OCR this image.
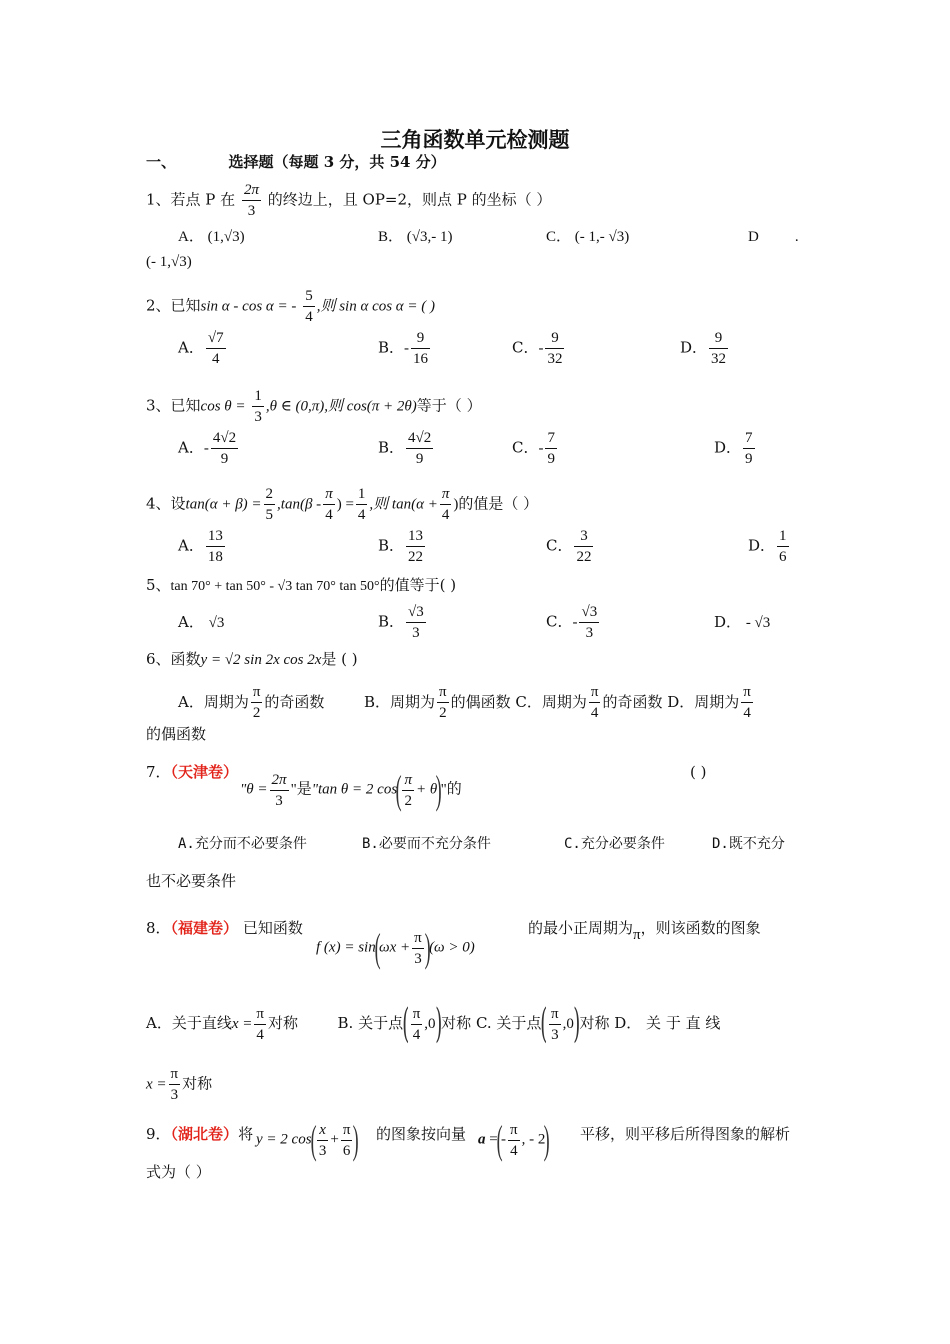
三角函数单元检测题
一、	选择题（每题 3 分，共 54 分）
1、若点 P 在 $\frac{2\pi}{3}$ 的终边上，且 OP=2，则点 P 的坐标（ ）
A． (1,√3)	B． (√3,- 1)	C． (- 1,- √3)	D .
(- 1,√3)
2、已知sin α - cos α = - $\frac{5}{4}$ ,则 sin α cos α = ( )
A． $\frac{√7}{4}$	B．- $\frac{9}{16}$	C．- $\frac{9}{32}$	D． $\frac{9}{32}$
3、已知$\cos \theta = \frac{1}{3} ,\theta$ ∈ (0,π),则 cos(π + 2θ)等于（ ）
A．- $\frac{4√2}{9}$	B． $\frac{4√2}{9}$	C．- $\frac{7}{9}$	D． $\frac{7}{9}$
4、设$\tan(\alpha + \beta) = \frac{2}{5} ,\tan(\beta - \frac{\pi}{4}$ ) = $\frac{1}{4}$ ,则 $\tan(\alpha + \frac{\pi}{4}$ )的值是（ ）
A． $\frac{13}{18}$	B． $\frac{13}{22}$	C． $\frac{3}{22}$	D． $\frac{1}{6}$
5、tan 70° + tan 50° - √3 tan 70° tan 50°的值等于( )
A． √3	B． $\frac{√3}{3}$	C．- $\frac{√3}{3}$	D． - √3
6、函数y = √2 sin 2x cos 2x是 ( )
A．周期为 $\frac{\pi}{2}$ 的奇函数	B．周期为 $\frac{\pi}{2}$ 的偶函数 C．周期为 $\frac{\pi}{4}$ 的奇函数 D．周期为 $\frac{\pi}{4}$
的偶函数
7．（天津卷）
"$\theta = \frac{2\pi}{3}$ "是"tan θ = 2 $\cos( \frac{\pi}{2} + \theta)$"的
( )
A.充分而不必要条件	B.必要而不充分条件	C.充分必要条件	D.既不充分
也不必要条件
8．（福建卷） 已知函数
f $(x) = \sin(\omega x + \frac{\pi}{3} )(\omega > 0)$
的最小正周期为π，则该函数的图象
A．关于直线$x = \frac{\pi}{4}$ 对称	B. 关于点( $\frac{\pi}{4} ,0$)对称 C. 关于点( $\frac{\pi}{3} ,0$)对称 D． 关 于 直 线
$x = \frac{\pi}{3}$ 对称
9．（湖北卷）将 y = 2 $\cos( \frac{x}{3} + \frac{\pi}{6}$ ) 的图象按向量 a =(- $\frac{\pi}{4}$ , - 2) 平移，则平移后所得图象的解析
式为（ ）
